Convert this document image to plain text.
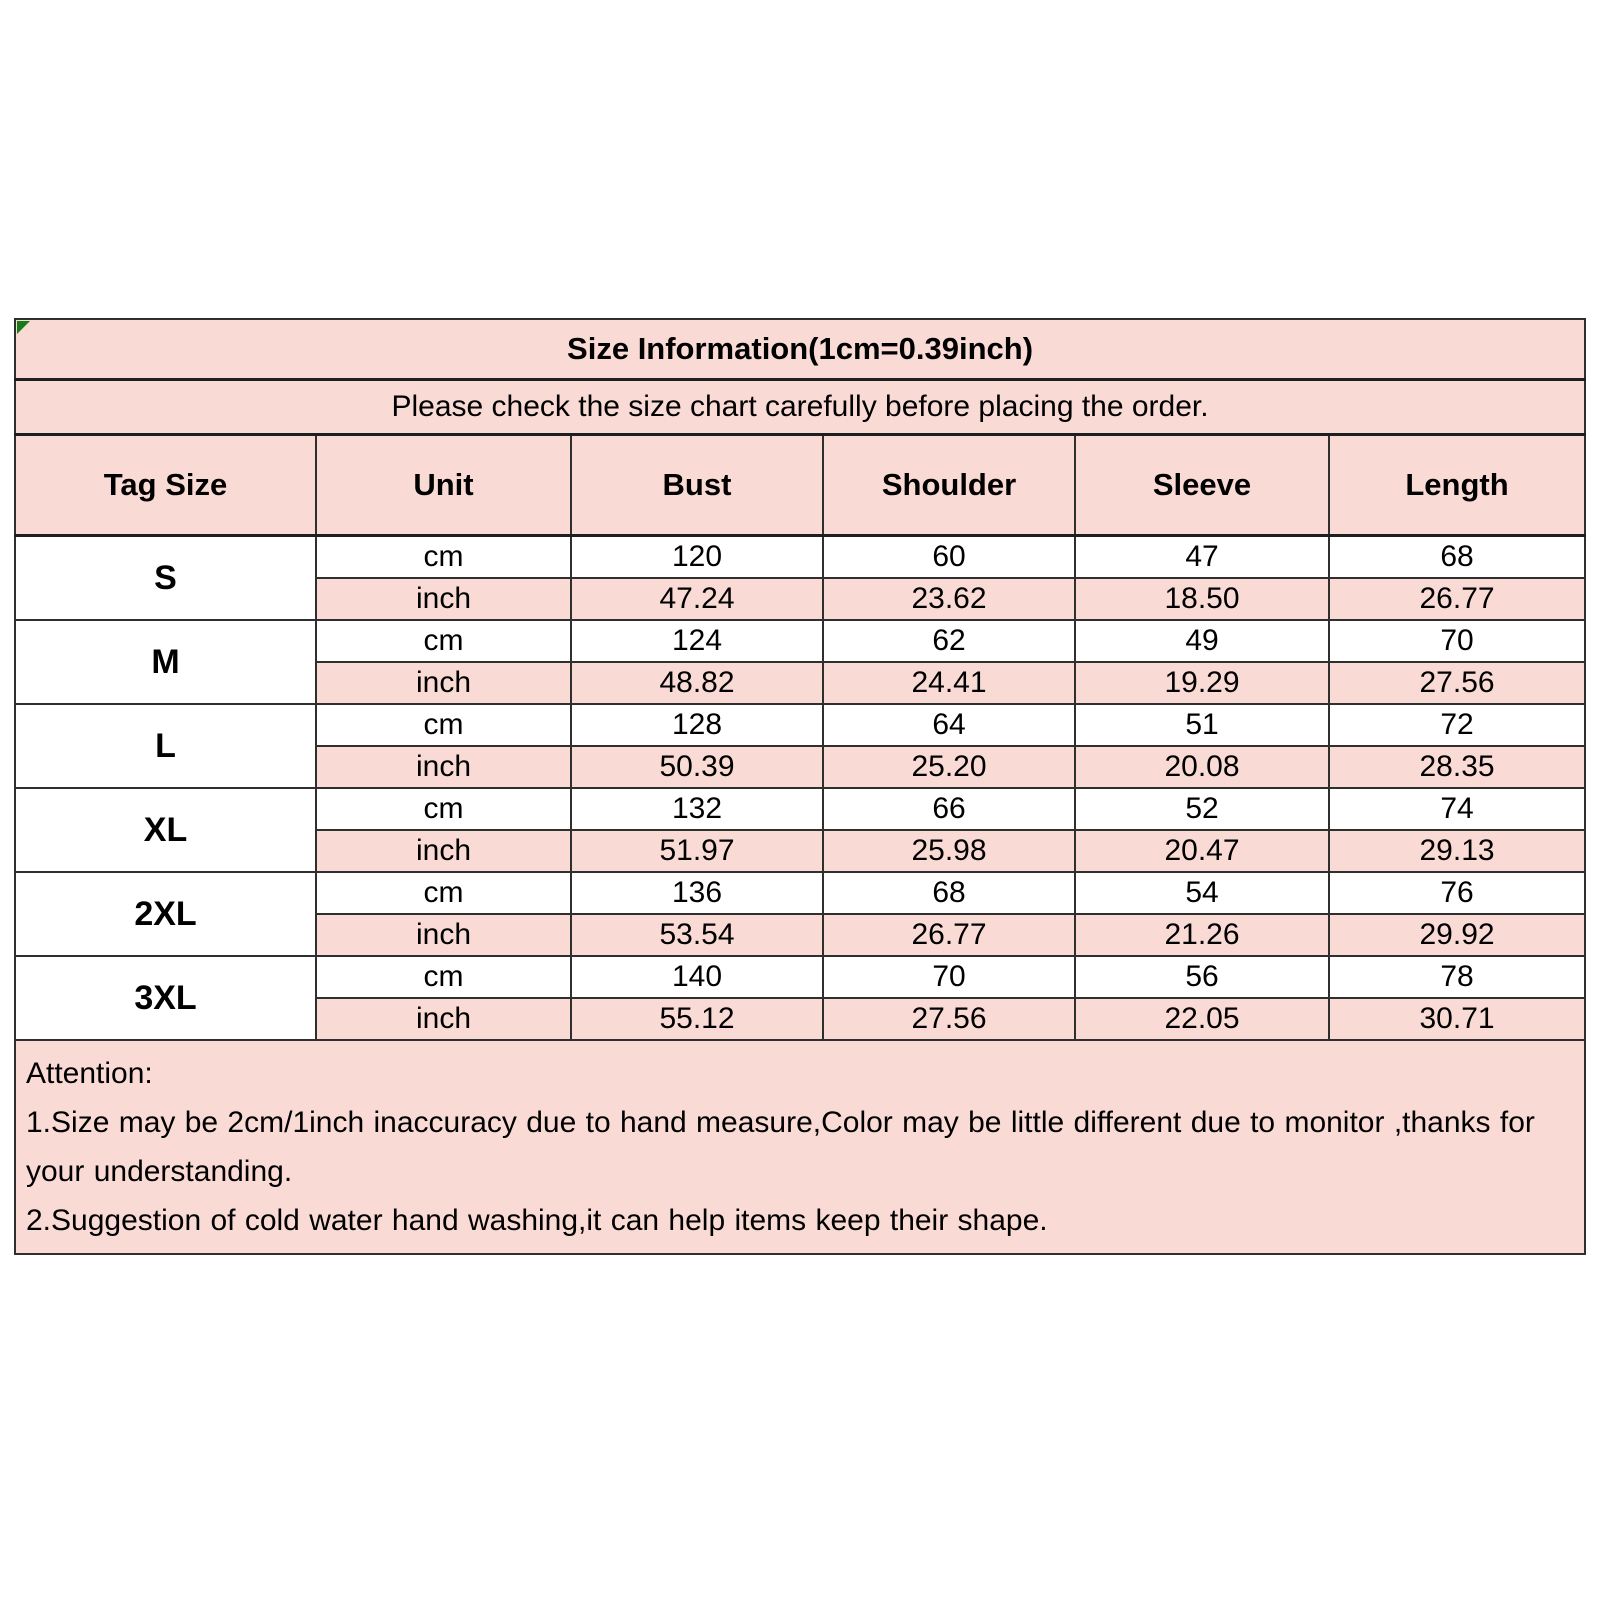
Size Information(1cm=0.39inch)					
Please check the size chart carefully before placing the order.					
Tag Size	Unit	Bust	Shoulder	Sleeve	Length
S	cm	120	60	47	68
	inch	47.24	23.62	18.50	26.77
M	cm	124	62	49	70
	inch	48.82	24.41	19.29	27.56
L	cm	128	64	51	72
	inch	50.39	25.20	20.08	28.35
XL	cm	132	66	52	74
	inch	51.97	25.98	20.47	29.13
2XL	cm	136	68	54	76
	inch	53.54	26.77	21.26	29.92
3XL	cm	140	70	56	78
	inch	55.12	27.56	22.05	30.71

Attention:
1.Size may be 2cm/1inch inaccuracy due to hand measure,Color may be little different due to monitor ,thanks for your understanding.
2.Suggestion of cold water hand washing,it can help items keep their shape.					
